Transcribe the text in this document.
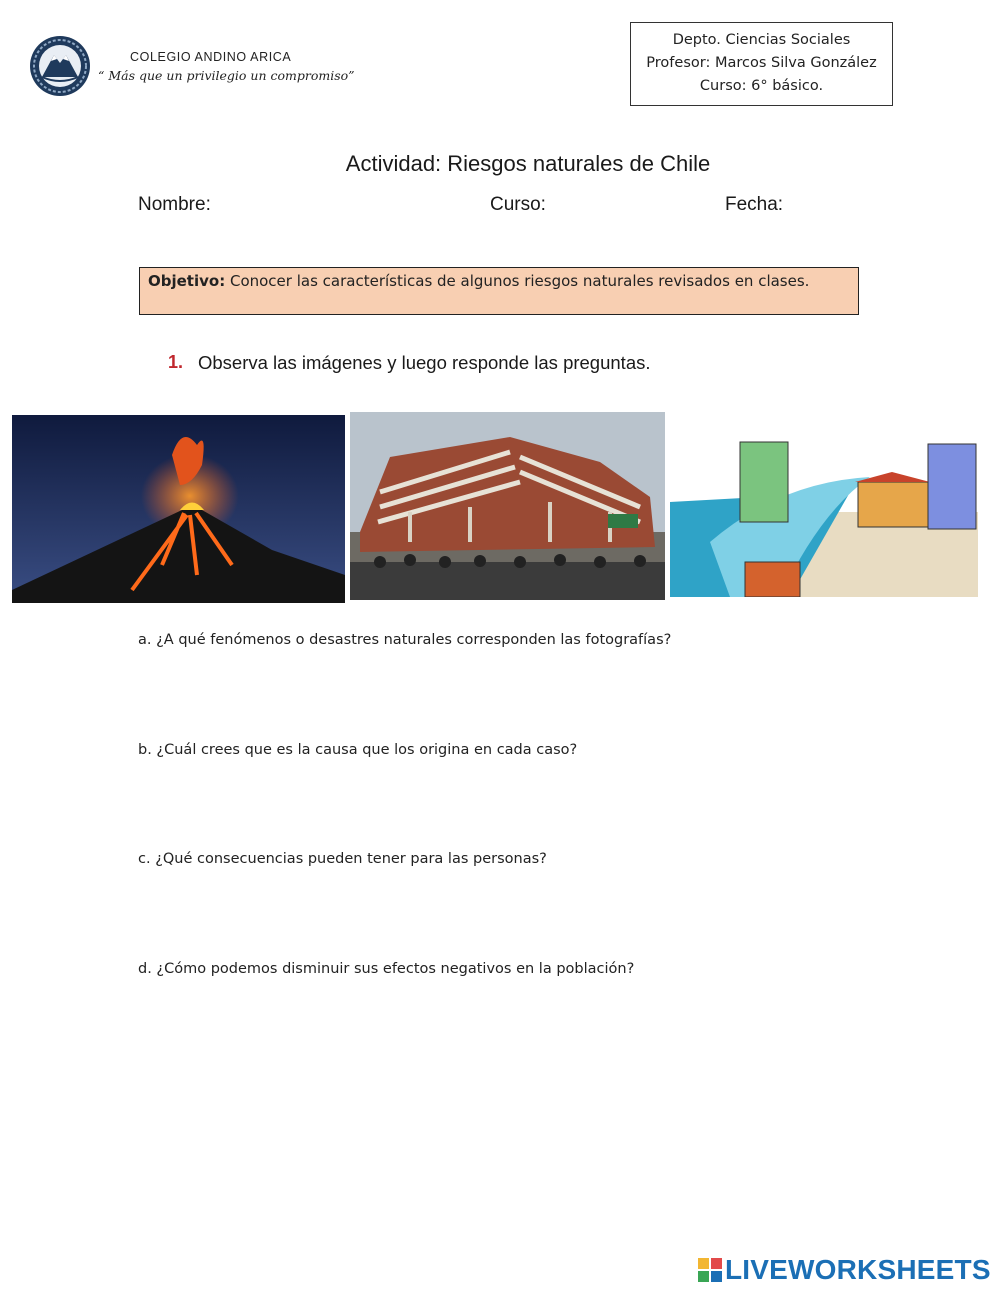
COLEGIO ANDINO ARICA
“ Más que un privilegio un compromiso”
Depto. Ciencias Sociales
Profesor: Marcos Silva González
Curso: 6° básico.
Actividad: Riesgos naturales de Chile
Nombre:	Curso:	Fecha:
Objetivo: Conocer las características de algunos riesgos naturales revisados en clases.
1. Observa las imágenes y luego responde las preguntas.
a. ¿A qué fenómenos o desastres naturales corresponden las fotografías?
b. ¿Cuál crees que es la causa que los origina en cada caso?
c. ¿Qué consecuencias pueden tener para las personas?
d. ¿Cómo podemos disminuir sus efectos negativos en la población?
LIVEWORKSHEETS
